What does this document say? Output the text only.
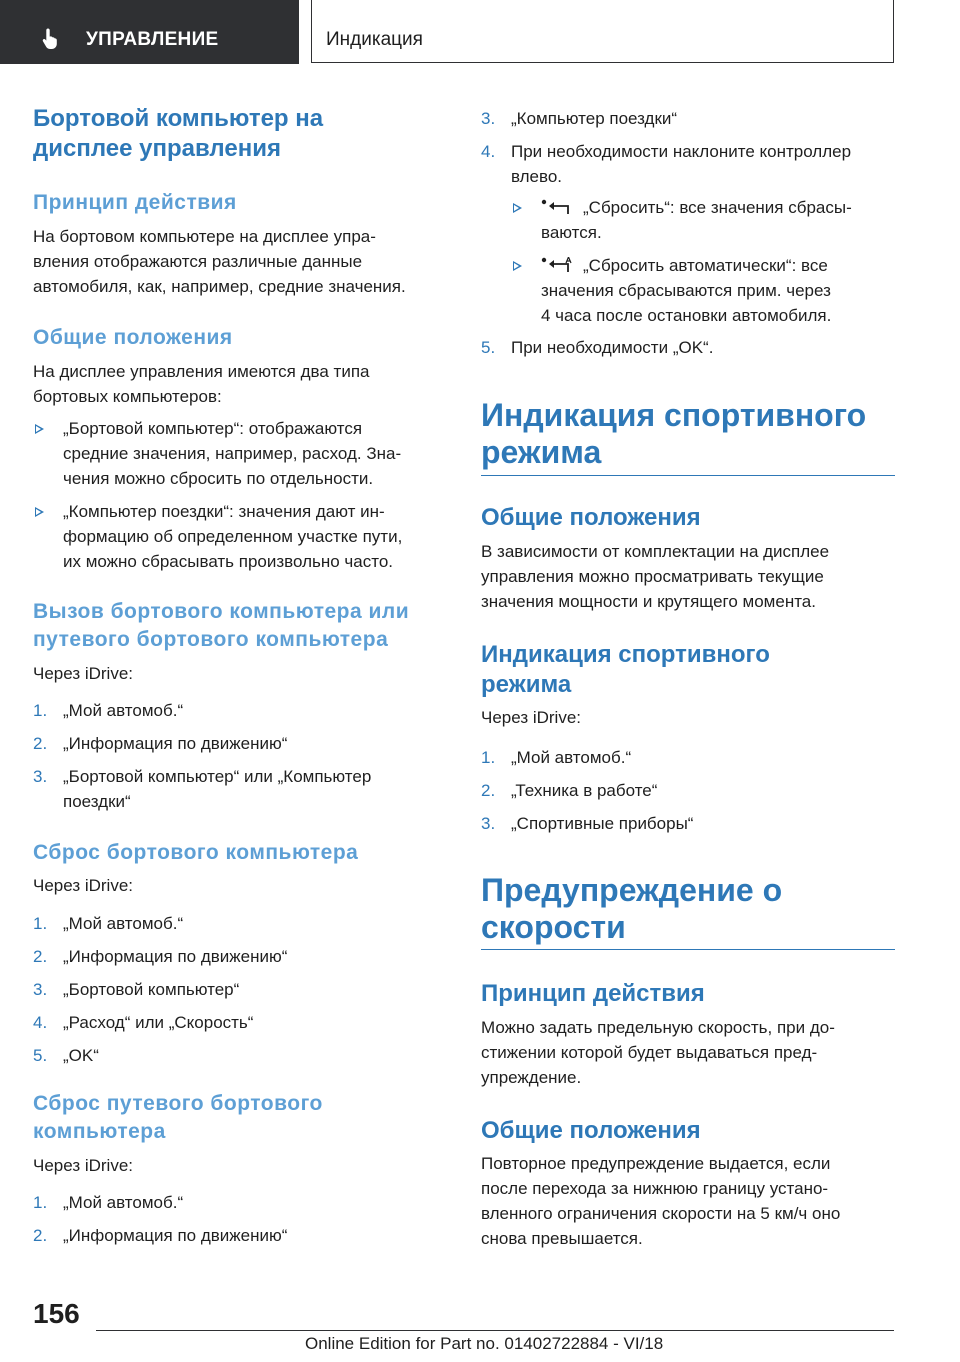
УПРАВЛЕНИЕ	Индикация
Бортовой компьютер на
дисплее управления
Принцип действия
На бортовом компьютере на дисплее упра-
вления отображаются различные данные
автомобиля, как, например, средние значения.
Общие положения
На дисплее управления имеются два типа
бортовых компьютеров:
„Бортовой компьютер“: отображаются
средние значения, например, расход. Зна-
чения можно сбросить по отдельности.
„Компьютер поездки“: значения дают ин-
формацию об определенном участке пути,
их можно сбрасывать произвольно часто.
Вызов бортового компьютера или
путевого бортового компьютера
Через iDrive:
1. „Мой автомоб.“
2. „Информация по движению“
3. „Бортовой компьютер“ или „Компьютер
поездки“
Сброс бортового компьютера
Через iDrive:
1. „Мой автомоб.“
2. „Информация по движению“
3. „Бортовой компьютер“
4. „Расход“ или „Скорость“
5. „OK“
Сброс путевого бортового
компьютера
Через iDrive:
1. „Мой автомоб.“
2. „Информация по движению“
3. „Компьютер поездки“
4. При необходимости наклоните контроллер
влево.
„Сбросить“: все значения сбрасы-
ваются.
„Сбросить автоматически“: все
значения сбрасываются прим. через
4 часа после остановки автомобиля.
5. При необходимости „OK“.
Индикация спортивного
режима
Общие положения
В зависимости от комплектации на дисплее
управления можно просматривать текущие
значения мощности и крутящего момента.
Индикация спортивного
режима
Через iDrive:
1. „Мой автомоб.“
2. „Техника в работе“
3. „Спортивные приборы“
Предупреждение о
скорости
Принцип действия
Можно задать предельную скорость, при до-
стижении которой будет выдаваться пред-
упреждение.
Общие положения
Повторное предупреждение выдается, если
после перехода за нижнюю границу устано-
вленного ограничения скорости на 5 км/ч оно
снова превышается.
156
Online Edition for Part no. 01402722884 - VI/18
